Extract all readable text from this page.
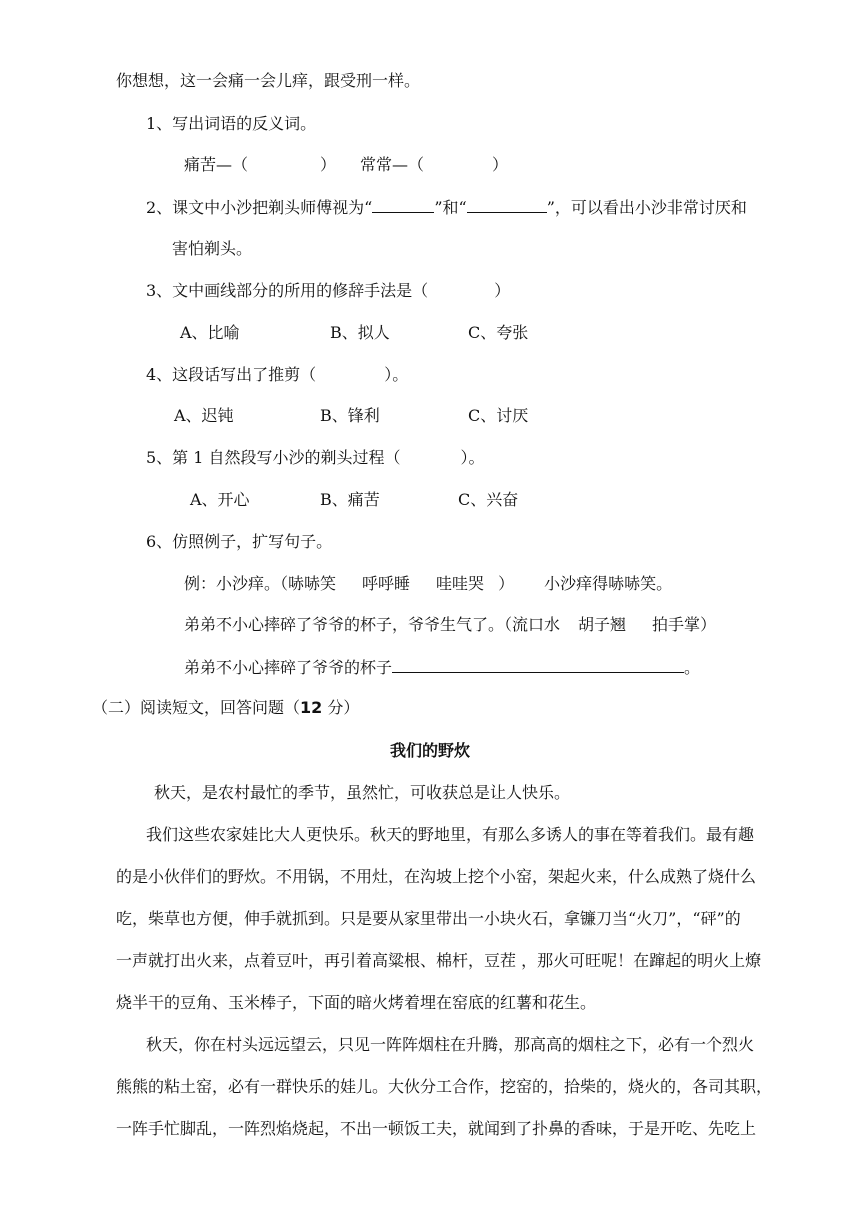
你想想，这一会痛一会儿痒，跟受刑一样。
1、写出词语的反义词。
痛苦—（	） 常常—（	）
2、课文中小沙把剃头师傅视为“	”和“	”，可以看出小沙非常讨厌和
害怕剃头。
3、文中画线部分的所用的修辞手法是（	）
A、比喻	B、拟人	C、夸张
4、这段话写出了推剪（	）。
A、迟钝	B、锋利	C、讨厌
5、第 1 自然段写小沙的剃头过程（	）。
A、开心	B、痛苦	C、兴奋
6、仿照例子，扩写句子。
例：小沙痒。（哧哧笑 呼呼睡 哇哇哭 ） 小沙痒得哧哧笑。
弟弟不小心摔碎了爷爷的杯子，爷爷生气了。（流口水 胡子翘 拍手掌）
弟弟不小心摔碎了爷爷的杯子	。
（二）阅读短文，回答问题（12 分）
我们的野炊
秋天，是农村最忙的季节，虽然忙，可收获总是让人快乐。
我们这些农家娃比大人更快乐。秋天的野地里，有那么多诱人的事在等着我们。最有趣
的是小伙伴们的野炊。不用锅，不用灶，在沟坡上挖个小窑，架起火来，什么成熟了烧什么
吃，柴草也方便，伸手就抓到。只是要从家里带出一小块火石，拿镰刀当“火刀”，“砰”的
一声就打出火来，点着豆叶，再引着高粱根、棉杆，豆茬 ，那火可旺呢！在蹿起的明火上燎
烧半干的豆角、玉米棒子，下面的暗火烤着埋在窑底的红薯和花生。
秋天，你在村头远远望云，只见一阵阵烟柱在升腾，那高高的烟柱之下，必有一个烈火
熊熊的粘土窑，必有一群快乐的娃儿。大伙分工合作，挖窑的，拾柴的，烧火的，各司其职，
一阵手忙脚乱，一阵烈焰烧起，不出一顿饭工夫，就闻到了扑鼻的香味，于是开吃、先吃上
